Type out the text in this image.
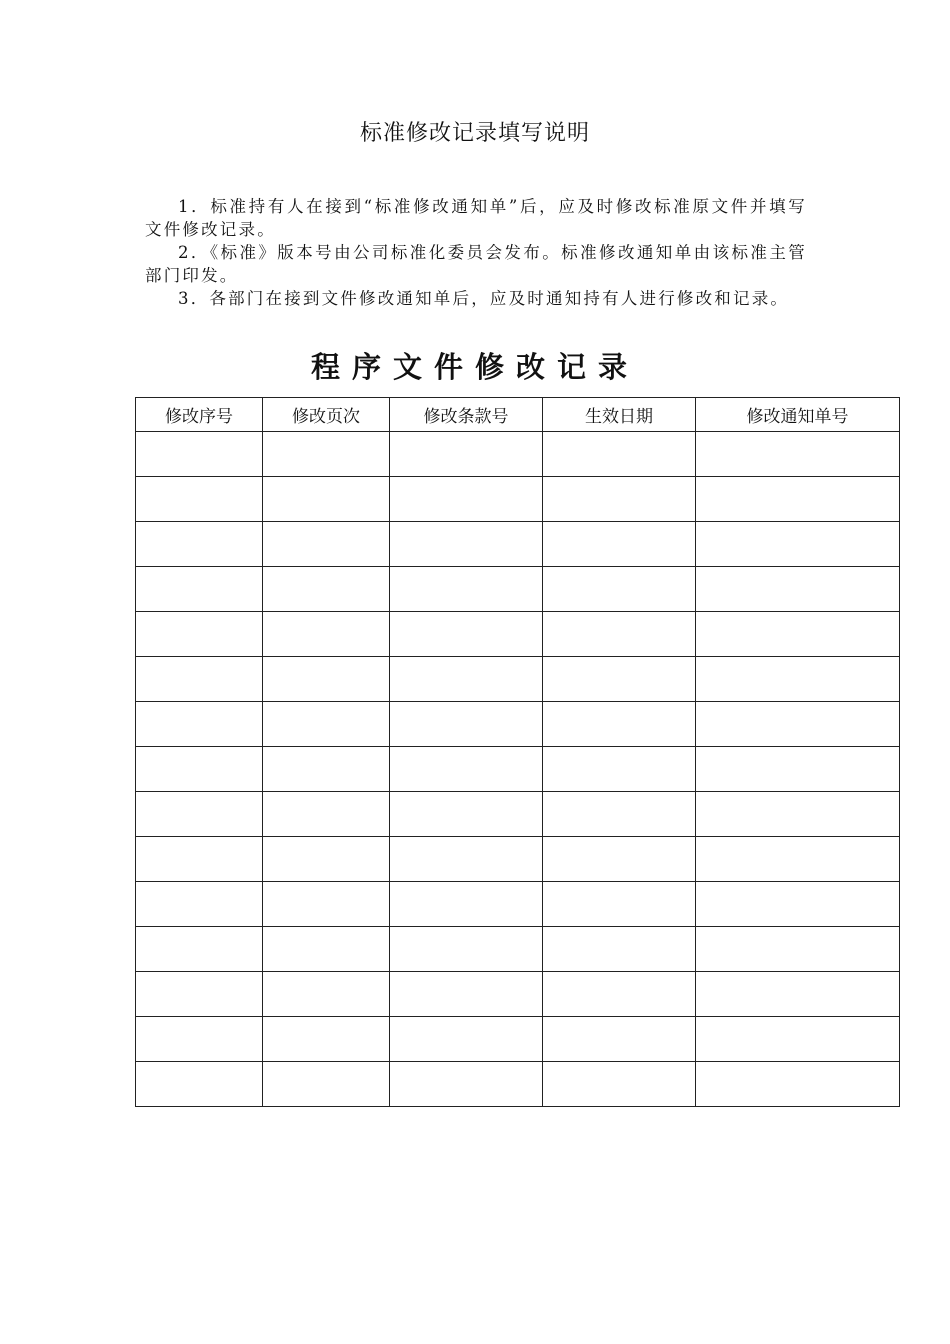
标准修改记录填写说明

1．标准持有人在接到“标准修改通知单”后，应及时修改标准原文件并填写文件修改记录。

2．《标准》版本号由公司标准化委员会发布。标准修改通知单由该标准主管部门印发。

3．各部门在接到文件修改通知单后，应及时通知持有人进行修改和记录。

程序文件修改记录
修改序号	修改页次	修改条款号	生效日期	修改通知单号
